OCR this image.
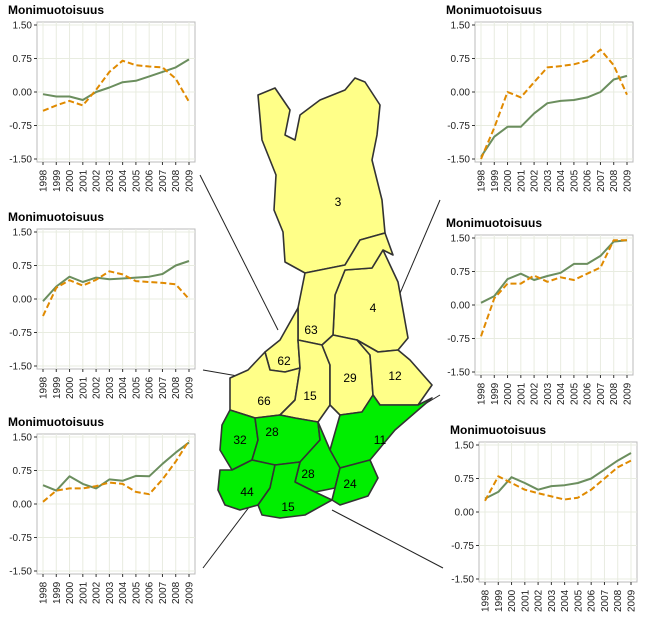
3
4
63
62
66	15
29	12
32
28
11
28
24
44
15
Monimuotoisuus
1.50
0.75
0.00
-0.75
-1.50
1998 1999 2000 2001 2002 2003 2004 2005 2006 2007 2008 2009
Monimuotoisuus
1.50
0.75
0.00
-0.75
-1.50
1998 1999 2000 2001 2002 2003 2004 2005 2006 2007 2008 2009
Monimuotoisuus
1.50
0.75
0.00
-0.75
-1.50
1998 1999 2000 2001 2002 2003 2004 2005 2006 2007 2008 2009
Monimuotoisuus
1.50
0.75
0.00
-0.75
-1.50
1998 1999 2000 2001 2002 2003 2004 2005 2006 2007 2008 2009
Monimuotoisuus
1.50
0.75
0.00
-0.75
-1.50
1998 1999 2000 2001 2002 2003 2004 2005 2006 2007 2008 2009
Monimuotoisuus
1.50
0.75
0.00
-0.75
-1.50
1998 1999 2000 2001 2002 2003 2004 2005 2006 2007 2008 2009
